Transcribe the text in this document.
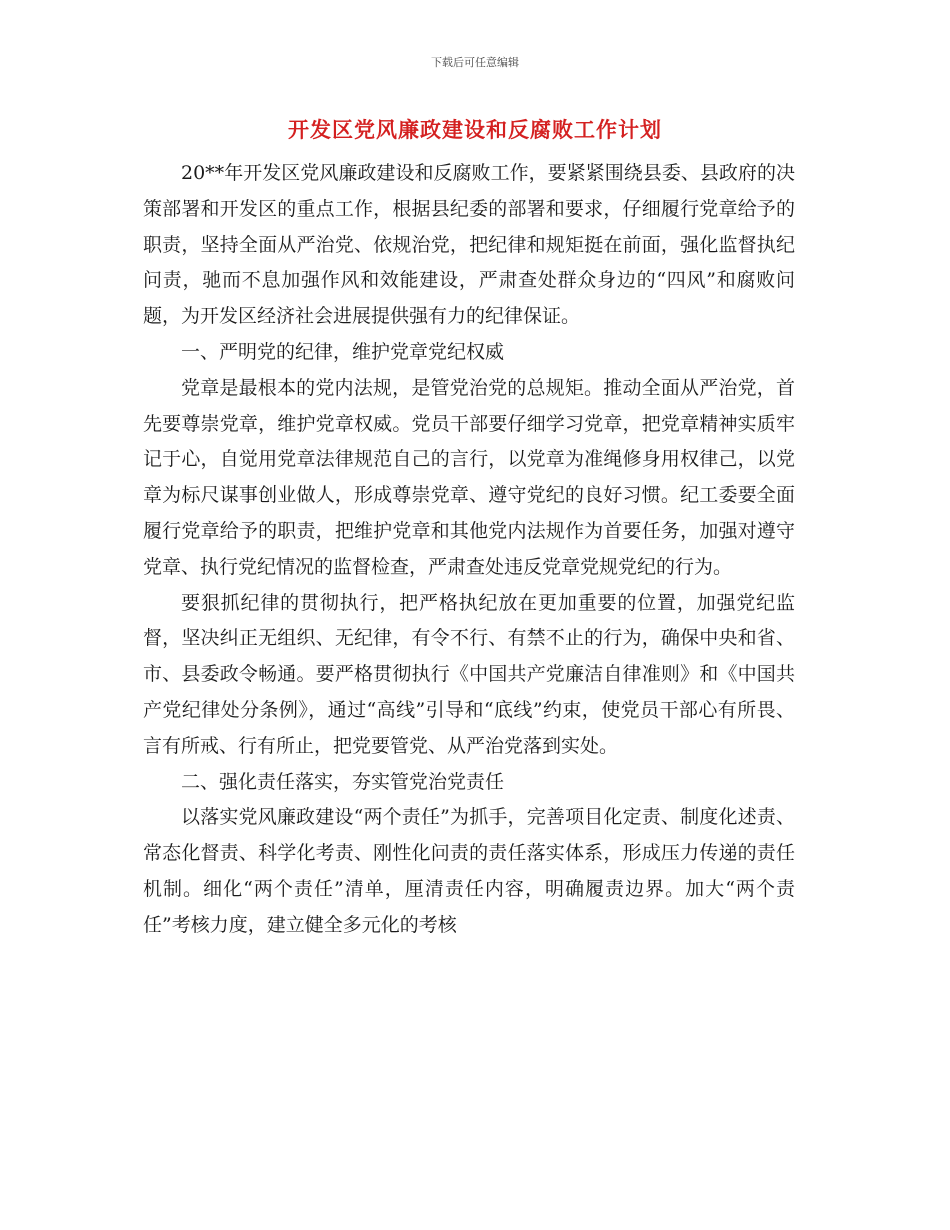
下载后可任意编辑
开发区党风廉政建设和反腐败工作计划

20**年开发区党风廉政建设和反腐败工作，要紧紧围绕县委、县政府的决策部署和开发区的重点工作，根据县纪委的部署和要求，仔细履行党章给予的职责，坚持全面从严治党、依规治党，把纪律和规矩挺在前面，强化监督执纪问责，驰而不息加强作风和效能建设，严肃查处群众身边的“四风”和腐败问题，为开发区经济社会进展提供强有力的纪律保证。

一、严明党的纪律，维护党章党纪权威

党章是最根本的党内法规，是管党治党的总规矩。推动全面从严治党，首先要尊崇党章，维护党章权威。党员干部要仔细学习党章，把党章精神实质牢记于心，自觉用党章法律规范自己的言行，以党章为准绳修身用权律己，以党章为标尺谋事创业做人，形成尊崇党章、遵守党纪的良好习惯。纪工委要全面履行党章给予的职责，把维护党章和其他党内法规作为首要任务，加强对遵守党章、执行党纪情况的监督检查，严肃查处违反党章党规党纪的行为。

要狠抓纪律的贯彻执行，把严格执纪放在更加重要的位置，加强党纪监督，坚决纠正无组织、无纪律，有令不行、有禁不止的行为，确保中央和省、市、县委政令畅通。要严格贯彻执行《中国共产党廉洁自律准则》和《中国共产党纪律处分条例》，通过“高线”引导和“底线”约束，使党员干部心有所畏、言有所戒、行有所止，把党要管党、从严治党落到实处。

二、强化责任落实，夯实管党治党责任

以落实党风廉政建设“两个责任”为抓手，完善项目化定责、制度化述责、常态化督责、科学化考责、刚性化问责的责任落实体系，形成压力传递的责任机制。细化“两个责任”清单，厘清责任内容，明确履责边界。加大“两个责任”考核力度，建立健全多元化的考核
